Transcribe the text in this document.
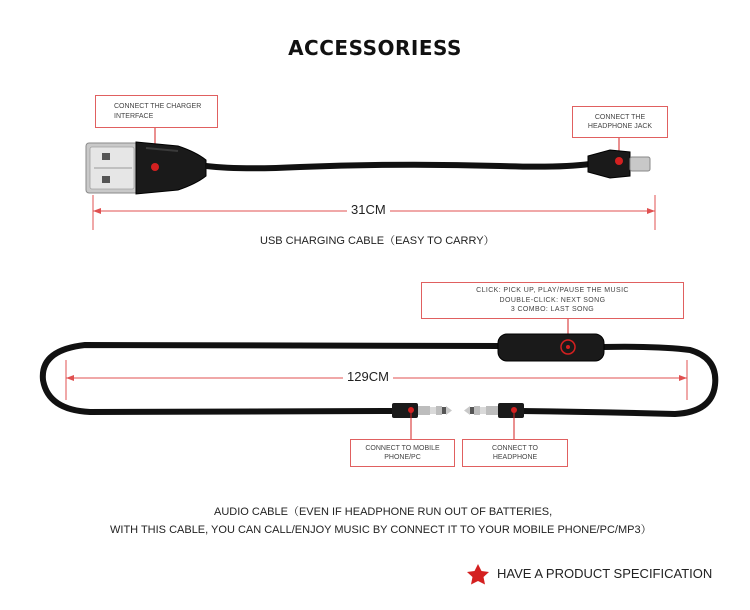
ACCESSORIESS
CONNECT THE CHARGER
INTERFACE	CONNECT THE
HEADPHONE JACK
31CM
USB CHARGING CABLE（EASY TO CARRY）
CLICK: PICK UP, PLAY/PAUSE THE MUSIC
DOUBLE-CLICK: NEXT SONG
3 COMBO: LAST SONG
129CM
CONNECT TO MOBILE
PHONE/PC
CONNECT TO
HEADPHONE
AUDIO CABLE（EVEN IF HEADPHONE RUN OUT OF BATTERIES,
WITH THIS CABLE, YOU CAN CALL/ENJOY MUSIC BY CONNECT IT TO YOUR MOBILE PHONE/PC/MP3）
HAVE A PRODUCT SPECIFICATION
